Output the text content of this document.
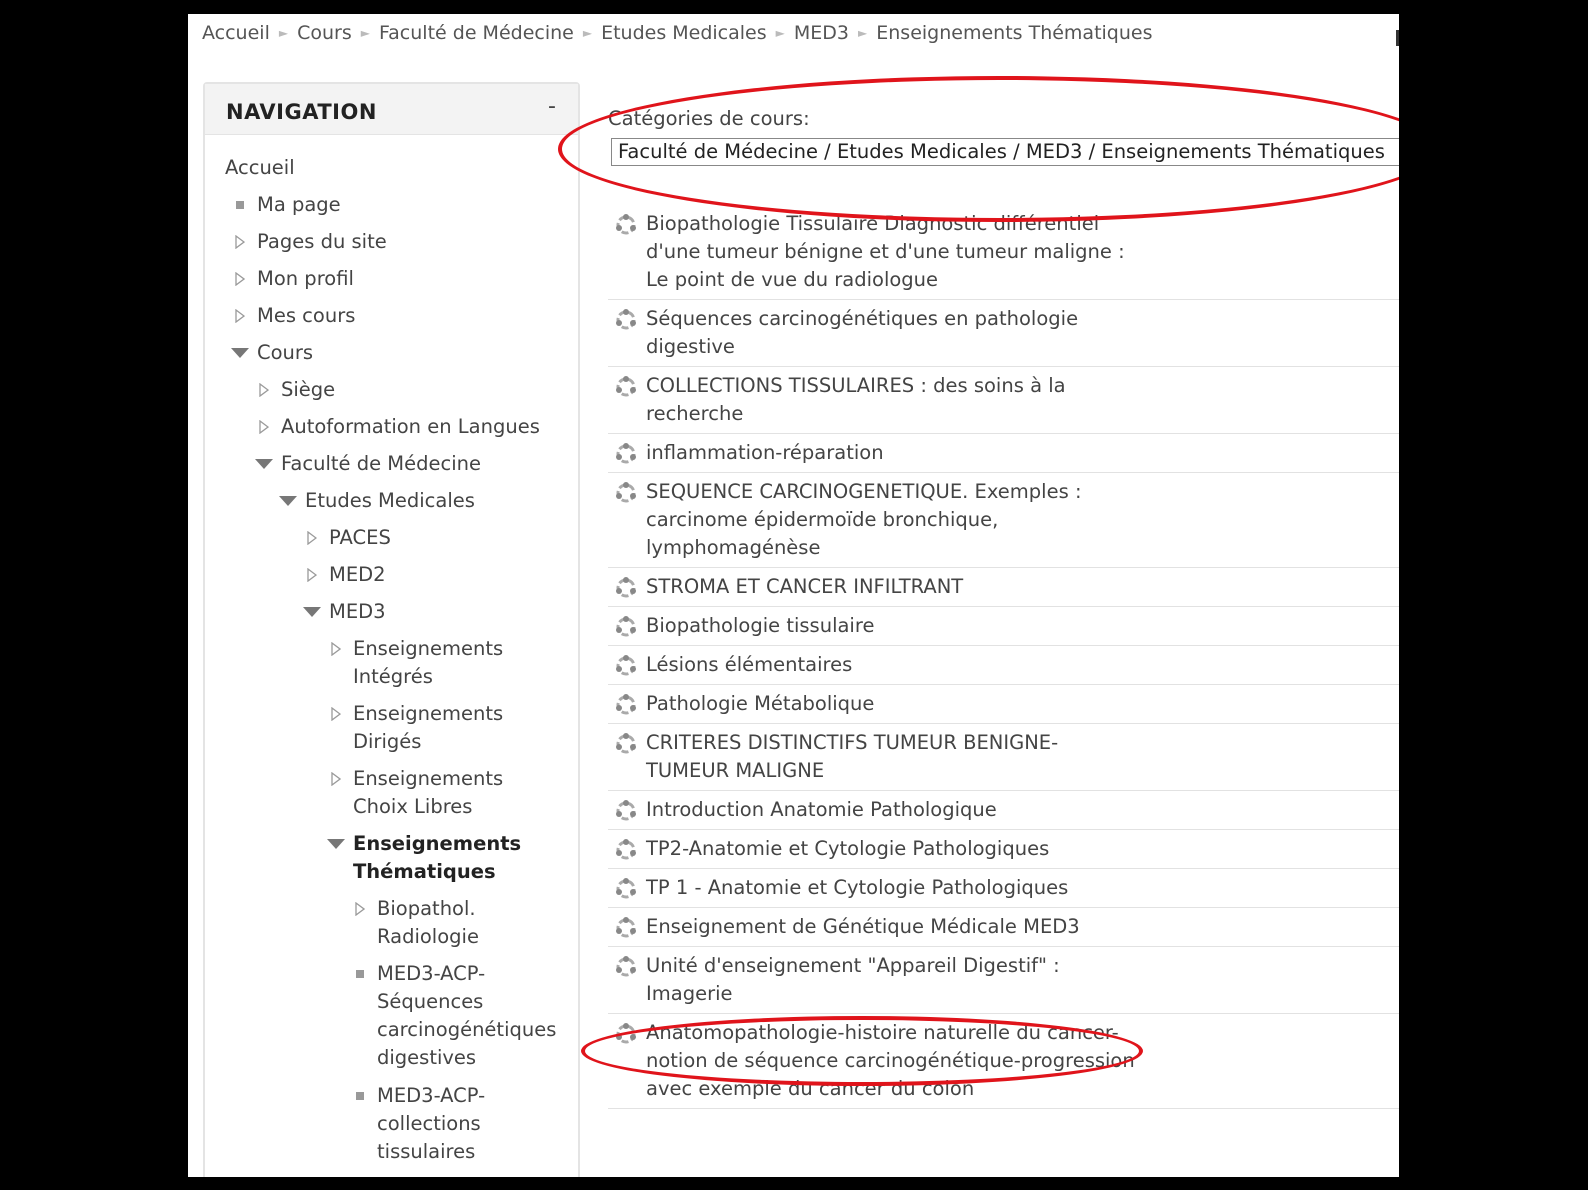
Accueil ► Cours ► Faculté de Médecine ► Etudes Medicales ► MED3 ► Enseignements Thématiques
NAVIGATION	-
Accueil
Ma page
Pages du site
Mon profil
Mes cours
Cours
Siège
Autoformation en Langues
Faculté de Médecine
Etudes Medicales
PACES
MED2
MED3
Enseignements Intégrés
Enseignements Dirigés
Enseignements Choix Libres
Enseignements Thématiques
Biopathol. Radiologie
MED3-ACP-Séquences carcinogénétiques digestives
MED3-ACP-collections tissulaires
Catégories de cours:
Faculté de Médecine / Etudes Medicales / MED3 / Enseignements Thématiques
Biopathologie Tissulaire Diagnostic différentiel d'une tumeur bénigne et d'une tumeur maligne : Le point de vue du radiologue
Séquences carcinogénétiques en pathologie digestive
COLLECTIONS TISSULAIRES : des soins à la recherche
inflammation-réparation
SEQUENCE CARCINOGENETIQUE. Exemples : carcinome épidermoïde bronchique, lymphomagénèse
STROMA ET CANCER INFILTRANT
Biopathologie tissulaire
Lésions élémentaires
Pathologie Métabolique
CRITERES DISTINCTIFS TUMEUR BENIGNE-TUMEUR MALIGNE
Introduction Anatomie Pathologique
TP2-Anatomie et Cytologie Pathologiques
TP 1 - Anatomie et Cytologie Pathologiques
Enseignement de Génétique Médicale MED3
Unité d'enseignement "Appareil Digestif" : Imagerie
Anatomopathologie-histoire naturelle du cancer-notion de séquence carcinogénétique-progression avec exemple du cancer du colon
